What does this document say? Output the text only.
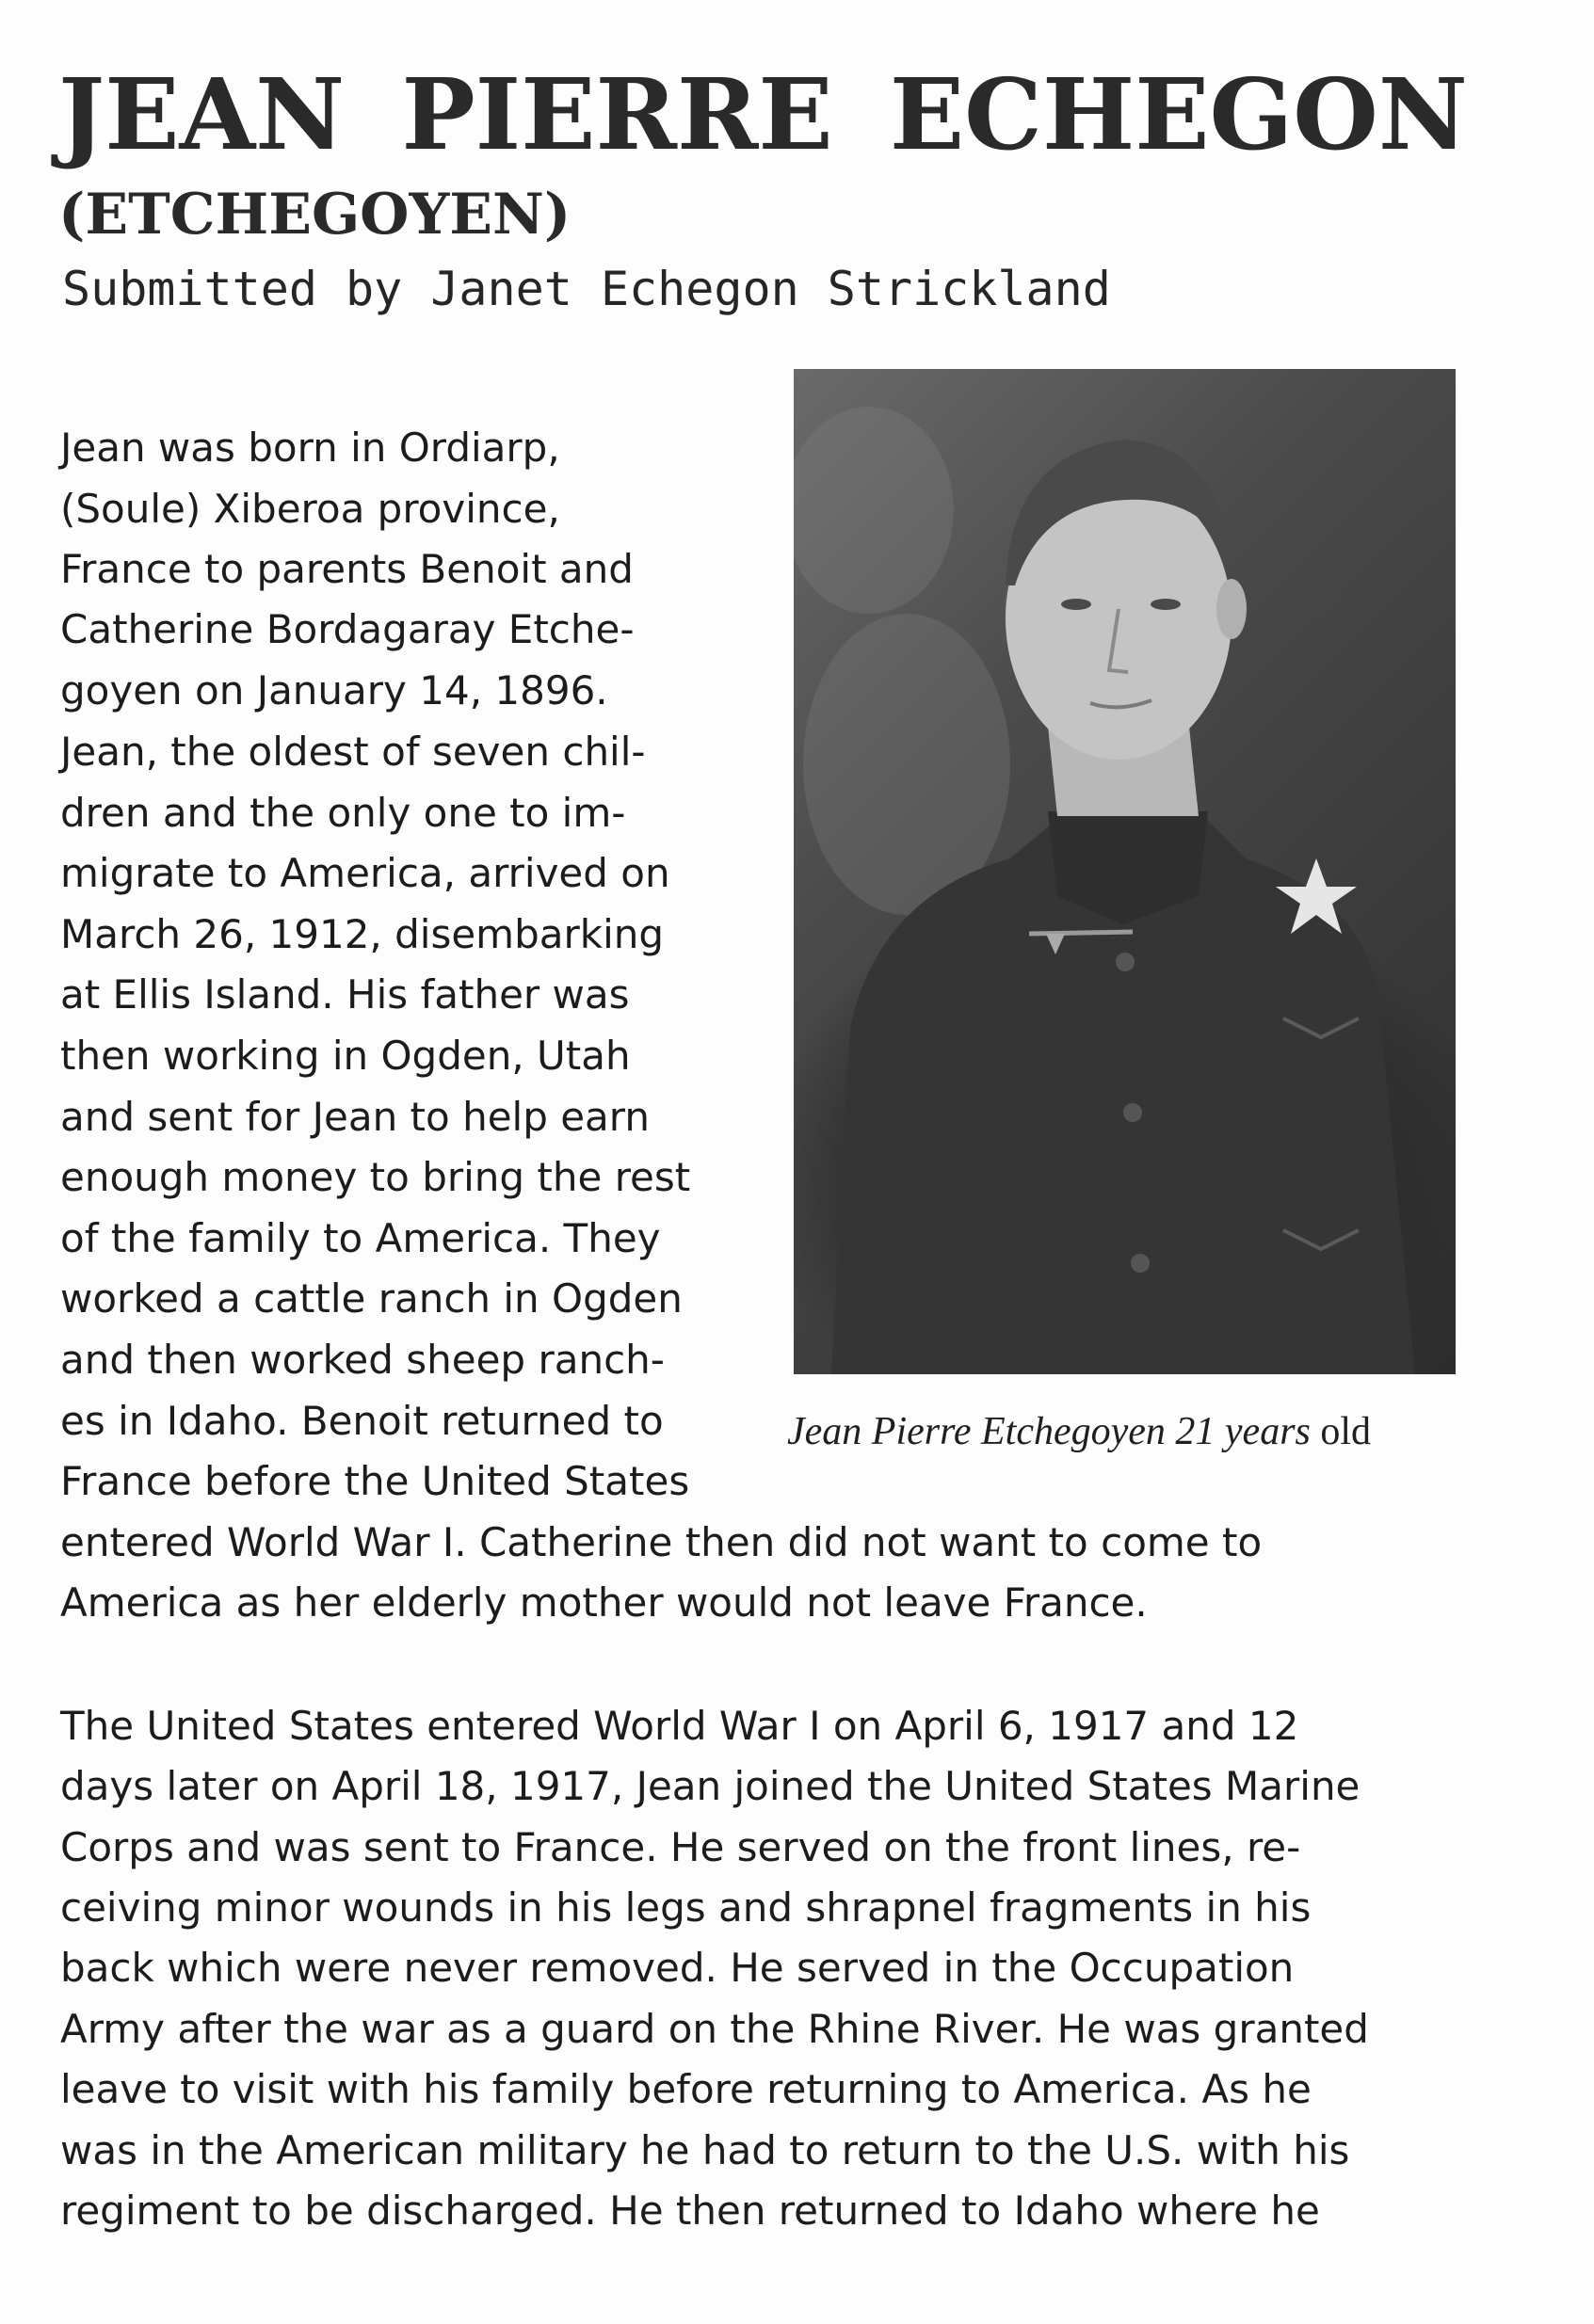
JEAN PIERRE ECHEGON
(ETCHEGOYEN)
Submitted by Janet Echegon Strickland
Jean Pierre Etchegoyen 21 years old

Jean was born in Ordiarp,

(Soule) Xiberoa province,

France to parents Benoit and

Catherine Bordagaray Etche-

goyen on January 14, 1896.

Jean, the oldest of seven chil-

dren and the only one to im-

migrate to America, arrived on

March 26, 1912, disembarking

at Ellis Island. His father was

then working in Ogden, Utah

and sent for Jean to help earn

enough money to bring the rest

of the family to America. They

worked a cattle ranch in Ogden

and then worked sheep ranch-

es in Idaho. Benoit returned to

France before the United States

entered World War I. Catherine then did not want to come to

America as her elderly mother would not leave France.

The United States entered World War I on April 6, 1917 and 12

days later on April 18, 1917, Jean joined the United States Marine

Corps and was sent to France. He served on the front lines, re-

ceiving minor wounds in his legs and shrapnel fragments in his

back which were never removed. He served in the Occupation

Army after the war as a guard on the Rhine River. He was granted

leave to visit with his family before returning to America. As he

was in the American military he had to return to the U.S. with his

regiment to be discharged. He then returned to Idaho where he
